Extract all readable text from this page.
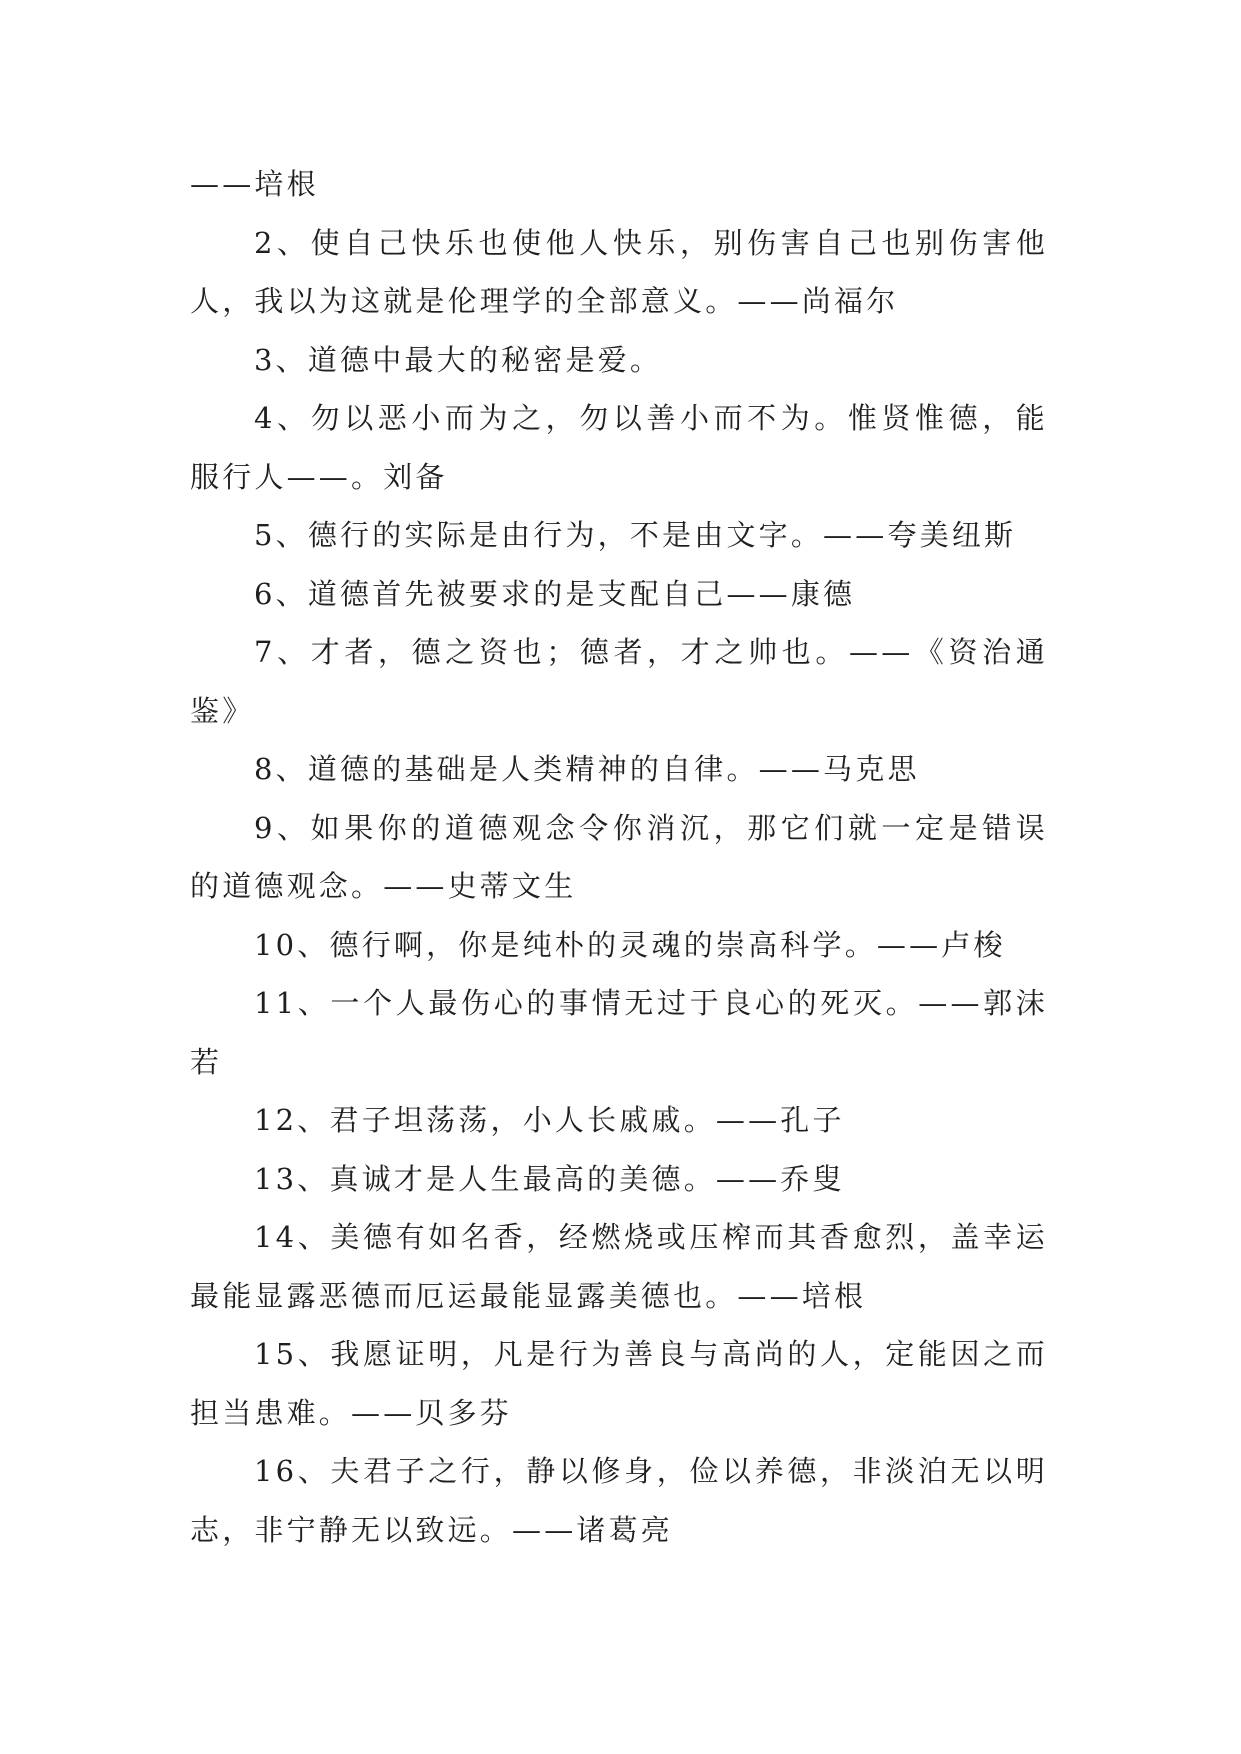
——培根

2、使自己快乐也使他人快乐，别伤害自己也别伤害他人，我以为这就是伦理学的全部意义。——尚福尔

3、道德中最大的秘密是爱。

4、勿以恶小而为之，勿以善小而不为。惟贤惟德，能服行人——。刘备

5、德行的实际是由行为，不是由文字。——夸美纽斯

6、道德首先被要求的是支配自己——康德

7、才者，德之资也；德者，才之帅也。——《资治通鉴》

8、道德的基础是人类精神的自律。——马克思

9、如果你的道德观念令你消沉，那它们就一定是错误的道德观念。——史蒂文生

10、德行啊，你是纯朴的灵魂的崇高科学。——卢梭

11、一个人最伤心的事情无过于良心的死灭。——郭沫若

12、君子坦荡荡，小人长戚戚。——孔子

13、真诚才是人生最高的美德。——乔叟

14、美德有如名香，经燃烧或压榨而其香愈烈，盖幸运最能显露恶德而厄运最能显露美德也。——培根

15、我愿证明，凡是行为善良与高尚的人，定能因之而担当患难。——贝多芬

16、夫君子之行，静以修身，俭以养德，非淡泊无以明志，非宁静无以致远。——诸葛亮
